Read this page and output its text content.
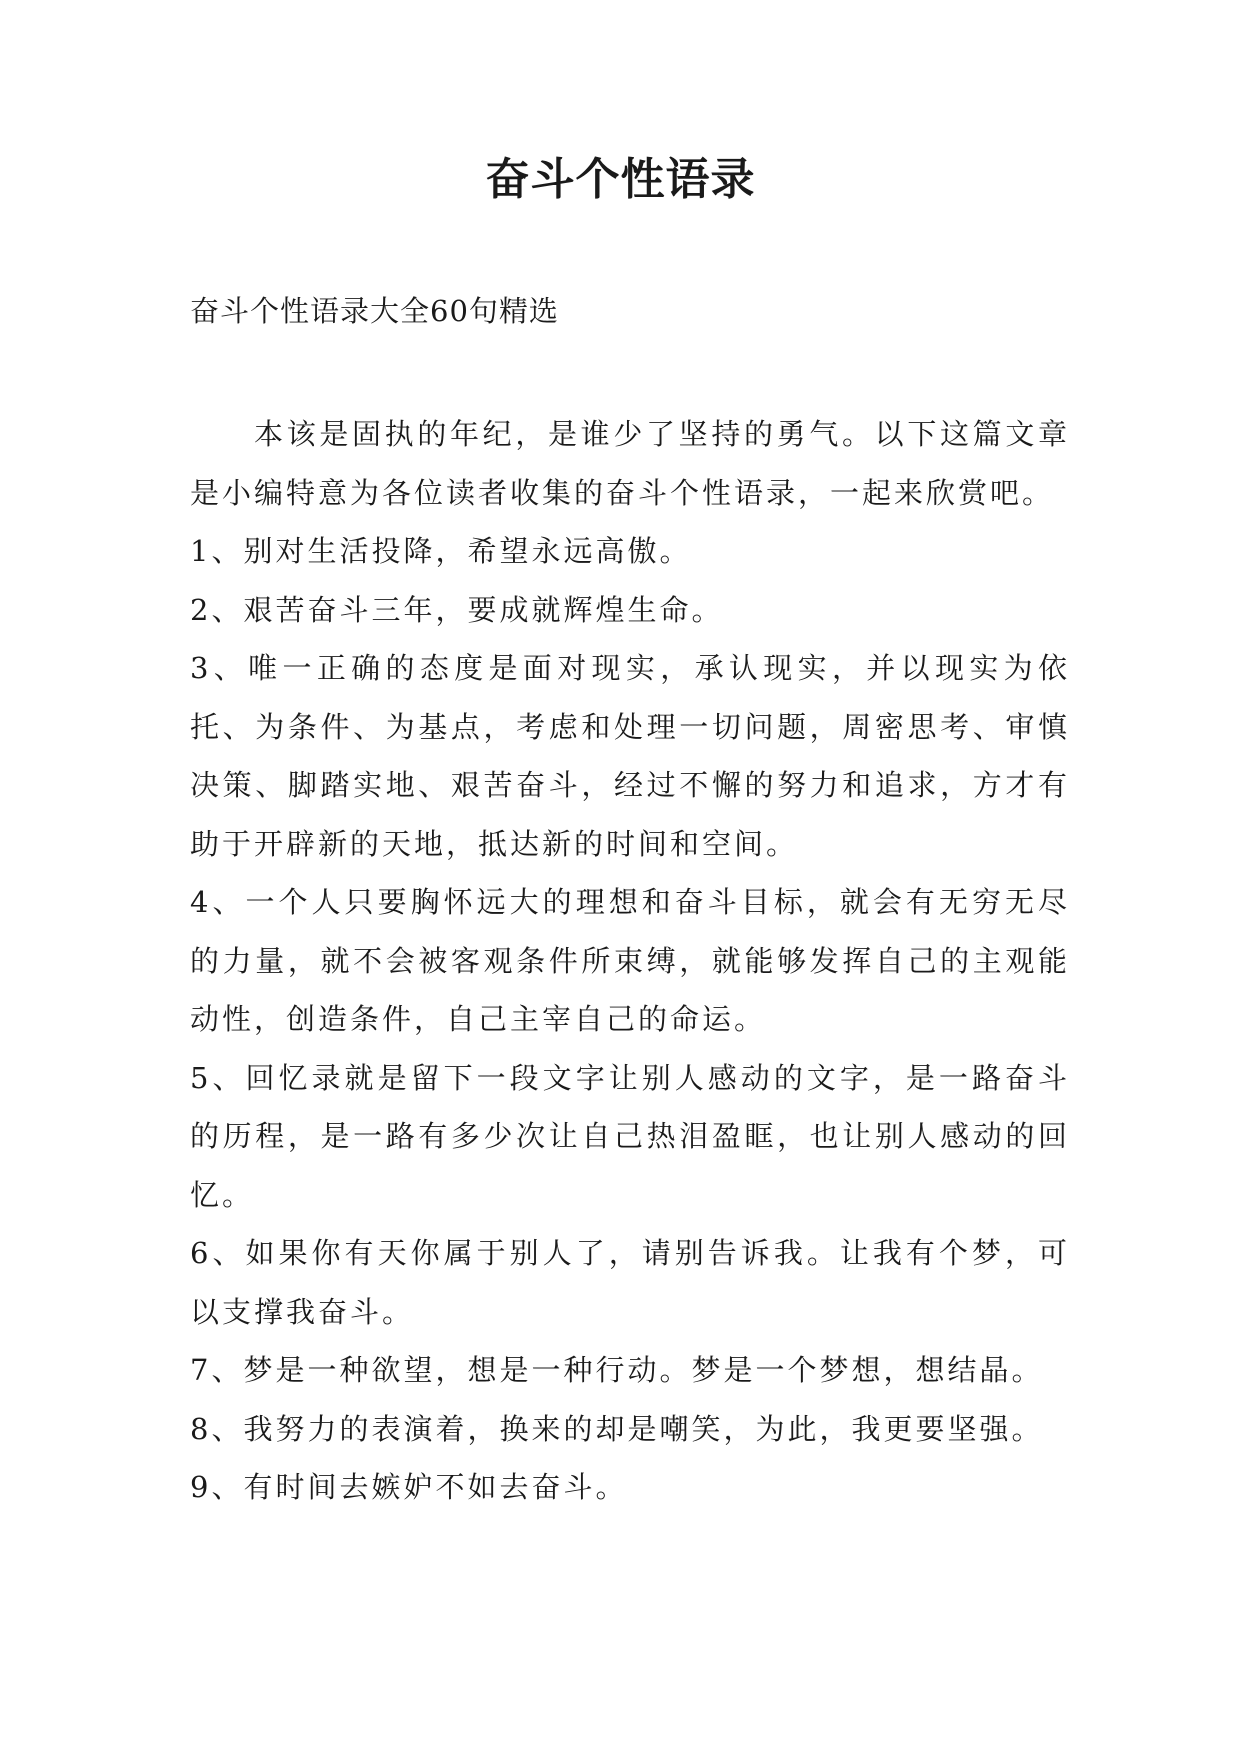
奋斗个性语录
奋斗个性语录大全60句精选

本该是固执的年纪，是谁少了坚持的勇气。以下这篇文章是小编特意为各位读者收集的奋斗个性语录，一起来欣赏吧。

1、别对生活投降，希望永远高傲。

2、艰苦奋斗三年，要成就辉煌生命。

3、唯一正确的态度是面对现实，承认现实，并以现实为依托、为条件、为基点，考虑和处理一切问题，周密思考、审慎决策、脚踏实地、艰苦奋斗，经过不懈的努力和追求，方才有助于开辟新的天地，抵达新的时间和空间。

4、一个人只要胸怀远大的理想和奋斗目标，就会有无穷无尽的力量，就不会被客观条件所束缚，就能够发挥自己的主观能动性，创造条件，自己主宰自己的命运。

5、回忆录就是留下一段文字让别人感动的文字，是一路奋斗的历程，是一路有多少次让自己热泪盈眶，也让别人感动的回忆。

6、如果你有天你属于别人了，请别告诉我。让我有个梦，可以支撑我奋斗。

7、梦是一种欲望，想是一种行动。梦是一个梦想，想结晶。

8、我努力的表演着，换来的却是嘲笑，为此，我更要坚强。

9、有时间去嫉妒不如去奋斗。
